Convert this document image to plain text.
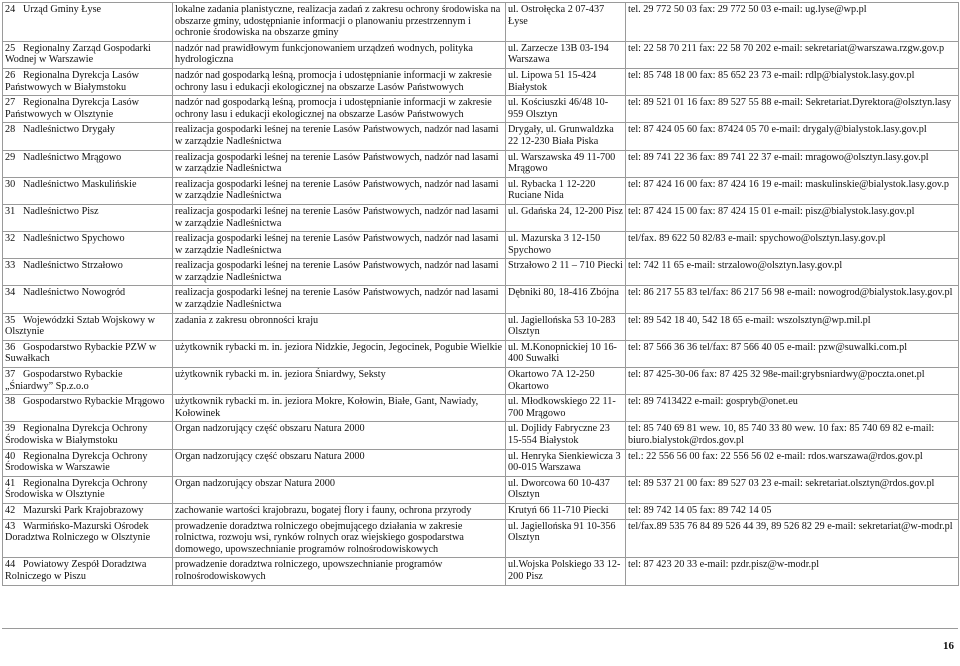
24 Urząd Gminy Łyse	lokalne zadania planistyczne, realizacja zadań z zakresu ochrony środowiska na obszarze gminy, udostępnianie informacji o planowaniu przestrzennym i ochronie środowiska na obszarze gminy	ul. Ostrołęcka 2 07-437 Łyse	tel. 29 772 50 03 fax: 29 772 50 03 e-mail: ug.lyse@wp.pl
25 Regionalny Zarząd Gospodarki Wodnej w Warszawie	nadzór nad prawidłowym funkcjonowaniem urządzeń wodnych, polityka hydrologiczna	ul. Zarzecze 13B 03-194 Warszawa	tel: 22 58 70 211 fax: 22 58 70 202 e-mail: sekretariat@warszawa.rzgw.gov.p
26 Regionalna Dyrekcja Lasów Państwowych w Białymstoku	nadzór nad gospodarką leśną, promocja i udostępnianie informacji w zakresie ochrony lasu i edukacji ekologicznej na obszarze Lasów Państwowych	ul. Lipowa 51 15-424 Białystok	tel: 85 748 18 00 fax: 85 652 23 73 e-mail: rdlp@bialystok.lasy.gov.pl
27 Regionalna Dyrekcja Lasów Państwowych w Olsztynie	nadzór nad gospodarką leśną, promocja i udostępnianie informacji w zakresie ochrony lasu i edukacji ekologicznej na obszarze Lasów Państwowych	ul. Kościuszki 46/48 10-959 Olsztyn	tel: 89 521 01 16 fax: 89 527 55 88 e-mail: Sekretariat.Dyrektora@olsztyn.lasy
28 Nadleśnictwo Drygały	realizacja gospodarki leśnej na terenie Lasów Państwowych, nadzór nad lasami w zarządzie Nadleśnictwa	Drygały, ul. Grunwaldzka 22 12-230 Biała Piska	tel: 87 424 05 60 fax: 87424 05 70 e-mail: drygaly@bialystok.lasy.gov.pl
29 Nadleśnictwo Mrągowo	realizacja gospodarki leśnej na terenie Lasów Państwowych, nadzór nad lasami w zarządzie Nadleśnictwa	ul. Warszawska 49 11-700 Mrągowo	tel: 89 741 22 36 fax: 89 741 22 37 e-mail: mragowo@olsztyn.lasy.gov.pl
30 Nadleśnictwo Maskulińskie	realizacja gospodarki leśnej na terenie Lasów Państwowych, nadzór nad lasami w zarządzie Nadleśnictwa	ul. Rybacka 1 12-220 Ruciane Nida	tel: 87 424 16 00 fax: 87 424 16 19 e-mail: maskulinskie@bialystok.lasy.gov.p
31 Nadleśnictwo Pisz	realizacja gospodarki leśnej na terenie Lasów Państwowych, nadzór nad lasami w zarządzie Nadleśnictwa	ul. Gdańska 24, 12-200 Pisz	tel: 87 424 15 00 fax: 87 424 15 01 e-mail: pisz@bialystok.lasy.gov.pl
32 Nadleśnictwo Spychowo	realizacja gospodarki leśnej na terenie Lasów Państwowych, nadzór nad lasami w zarządzie Nadleśnictwa	ul. Mazurska 3 12-150 Spychowo	tel/fax. 89 622 50 82/83 e-mail: spychowo@olsztyn.lasy.gov.pl
33 Nadleśnictwo Strzałowo	realizacja gospodarki leśnej na terenie Lasów Państwowych, nadzór nad lasami w zarządzie Nadleśnictwa	Strzałowo 2 11 – 710 Piecki	tel: 742 11 65 e-mail: strzalowo@olsztyn.lasy.gov.pl
34 Nadleśnictwo Nowogród	realizacja gospodarki leśnej na terenie Lasów Państwowych, nadzór nad lasami w zarządzie Nadleśnictwa	Dębniki 80, 18-416 Zbójna	tel: 86 217 55 83 tel/fax: 86 217 56 98 e-mail: nowogrod@bialystok.lasy.gov.pl
35 Wojewódzki Sztab Wojskowy w Olsztynie	zadania z zakresu obronności kraju	ul. Jagiellońska 53 10-283 Olsztyn	tel: 89 542 18 40, 542 18 65 e-mail: wszolsztyn@wp.mil.pl
36 Gospodarstwo Rybackie PZW w Suwałkach	użytkownik rybacki m. in. jeziora Nidzkie, Jegocin, Jegocinek, Pogubie Wielkie	ul. M.Konopnickiej 10 16-400 Suwałki	tel: 87 566 36 36 tel/fax: 87 566 40 05 e-mail: pzw@suwalki.com.pl
37 Gospodarstwo Rybackie „Śniardwy” Sp.z.o.o	użytkownik rybacki m. in. jeziora Śniardwy, Seksty	Okartowo 7A 12-250 Okartowo	tel: 87 425-30-06 fax: 87 425 32 98e-mail:grybsniardwy@poczta.onet.pl
38 Gospodarstwo Rybackie Mrągowo	użytkownik rybacki m. in. jeziora Mokre, Kołowin, Białe, Gant, Nawiady, Kołowinek	ul. Młodkowskiego 22 11-700 Mrągowo	tel: 89 7413422 e-mail: gospryb@onet.eu
39 Regionalna Dyrekcja Ochrony Środowiska w Białymstoku	Organ nadzorujący część obszaru Natura 2000	ul. Dojlidy Fabryczne 23 15-554 Białystok	tel: 85 740 69 81 wew. 10, 85 740 33 80 wew. 10 fax: 85 740 69 82 e-mail: biuro.bialystok@rdos.gov.pl
40 Regionalna Dyrekcja Ochrony Środowiska w Warszawie	Organ nadzorujący część obszaru Natura 2000	ul. Henryka Sienkiewicza 3 00-015 Warszawa	tel.: 22 556 56 00 fax: 22 556 56 02 e-mail: rdos.warszawa@rdos.gov.pl
41 Regionalna Dyrekcja Ochrony Środowiska w Olsztynie	Organ nadzorujący obszar Natura 2000	ul. Dworcowa 60 10-437 Olsztyn	tel: 89 537 21 00 fax: 89 527 03 23 e-mail: sekretariat.olsztyn@rdos.gov.pl
42 Mazurski Park Krajobrazowy	zachowanie wartości krajobrazu, bogatej flory i fauny, ochrona przyrody	Krutyń 66 11-710 Piecki	tel: 89 742 14 05 fax: 89 742 14 05
43 Warmińsko-Mazurski Ośrodek Doradztwa Rolniczego w Olsztynie	prowadzenie doradztwa rolniczego obejmującego działania w zakresie rolnictwa, rozwoju wsi, rynków rolnych oraz wiejskiego gospodarstwa domowego, upowszechnianie programów rolnośrodowiskowych	ul. Jagiellońska 91 10-356 Olsztyn	tel/fax.89 535 76 84 89 526 44 39, 89 526 82 29 e-mail: sekretariat@w-modr.pl
44 Powiatowy Zespół Doradztwa Rolniczego w Piszu	prowadzenie doradztwa rolniczego, upowszechnianie programów rolnośrodowiskowych	ul.Wojska Polskiego 33 12-200 Pisz	tel: 87 423 20 33 e-mail: pzdr.pisz@w-modr.pl
16
